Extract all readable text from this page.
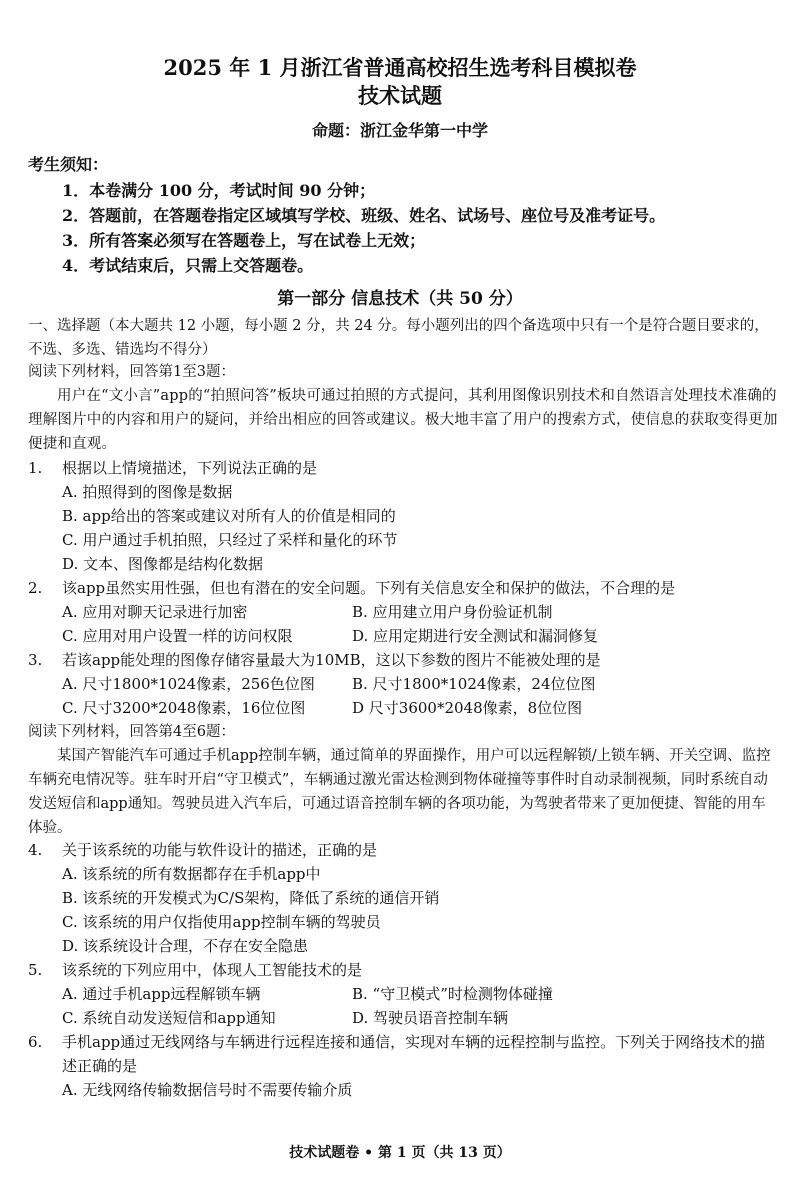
2025 年 1 月浙江省普通高校招生选考科目模拟卷
技术试题
命题：浙江金华第一中学
考生须知：
1．本卷满分 100 分，考试时间 90 分钟；
2．答题前，在答题卷指定区域填写学校、班级、姓名、试场号、座位号及准考证号。
3．所有答案必须写在答题卷上，写在试卷上无效；
4．考试结束后，只需上交答题卷。
第一部分 信息技术（共 50 分）
一、选择题（本大题共 12 小题，每小题 2 分，共 24 分。每小题列出的四个备选项中只有一个是符合题目要求的，不选、多选、错选均不得分）
阅读下列材料，回答第1至3题：
用户在“文小言”app的“拍照问答”板块可通过拍照的方式提问，其利用图像识别技术和自然语言处理技术准确的理解图片中的内容和用户的疑问，并给出相应的回答或建议。极大地丰富了用户的搜索方式，使信息的获取变得更加便捷和直观。
1.	根据以上情境描述，下列说法正确的是
A. 拍照得到的图像是数据
B. app给出的答案或建议对所有人的价值是相同的
C. 用户通过手机拍照，只经过了采样和量化的环节
D. 文本、图像都是结构化数据
2.	该app虽然实用性强，但也有潜在的安全问题。下列有关信息安全和保护的做法，不合理的是
A. 应用对聊天记录进行加密	B. 应用建立用户身份验证机制
C. 应用对用户设置一样的访问权限	D. 应用定期进行安全测试和漏洞修复
3.	若该app能处理的图像存储容量最大为10MB，这以下参数的图片不能被处理的是
A. 尺寸1800*1024像素，256色位图	B. 尺寸1800*1024像素，24位位图
C. 尺寸3200*2048像素，16位位图	D 尺寸3600*2048像素，8位位图
阅读下列材料，回答第4至6题：
某国产智能汽车可通过手机app控制车辆，通过简单的界面操作，用户可以远程解锁/上锁车辆、开关空调、监控车辆充电情况等。驻车时开启“守卫模式”，车辆通过激光雷达检测到物体碰撞等事件时自动录制视频，同时系统自动发送短信和app通知。驾驶员进入汽车后，可通过语音控制车辆的各项功能，为驾驶者带来了更加便捷、智能的用车体验。
4.	关于该系统的功能与软件设计的描述，正确的是
A. 该系统的所有数据都存在手机app中
B. 该系统的开发模式为C/S架构，降低了系统的通信开销
C. 该系统的用户仅指使用app控制车辆的驾驶员
D. 该系统设计合理，不存在安全隐患
5.	该系统的下列应用中，体现人工智能技术的是
A. 通过手机app远程解锁车辆	B. “守卫模式”时检测物体碰撞
C. 系统自动发送短信和app通知	D. 驾驶员语音控制车辆
6.	手机app通过无线网络与车辆进行远程连接和通信，实现对车辆的远程控制与监控。下列关于网络技术的描述正确的是
A. 无线网络传输数据信号时不需要传输介质
技术试题卷 • 第 1 页（共 13 页）
